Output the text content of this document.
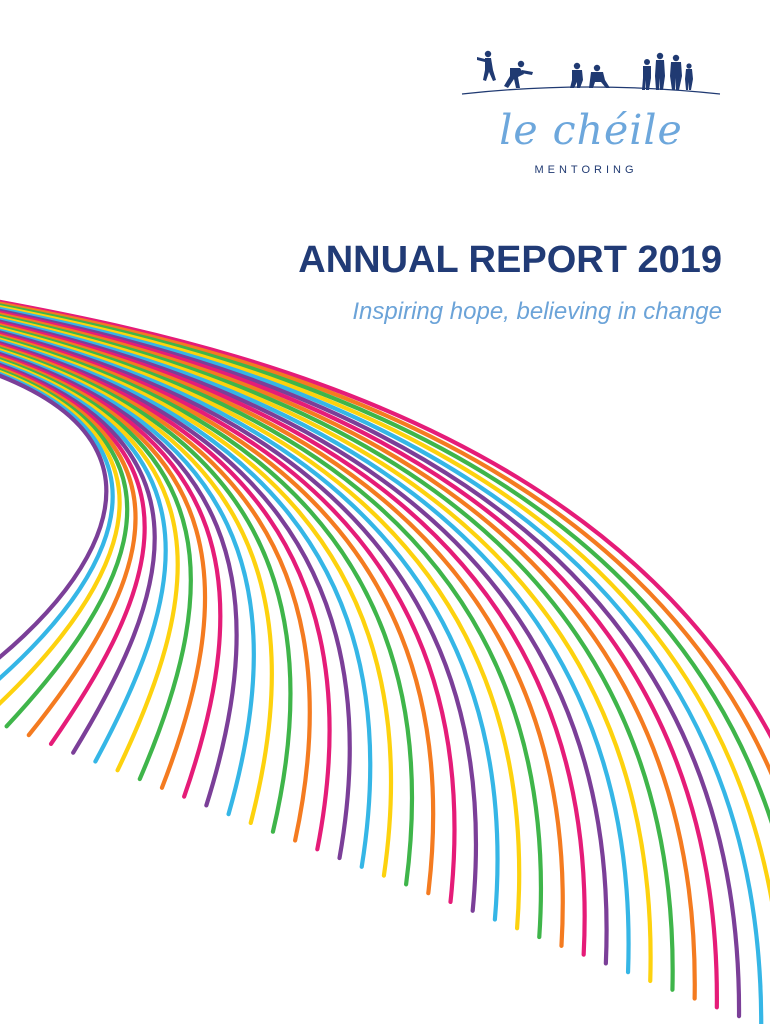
le chéile
MENTORING
ANNUAL REPORT 2019

Inspiring hope, believing in change
